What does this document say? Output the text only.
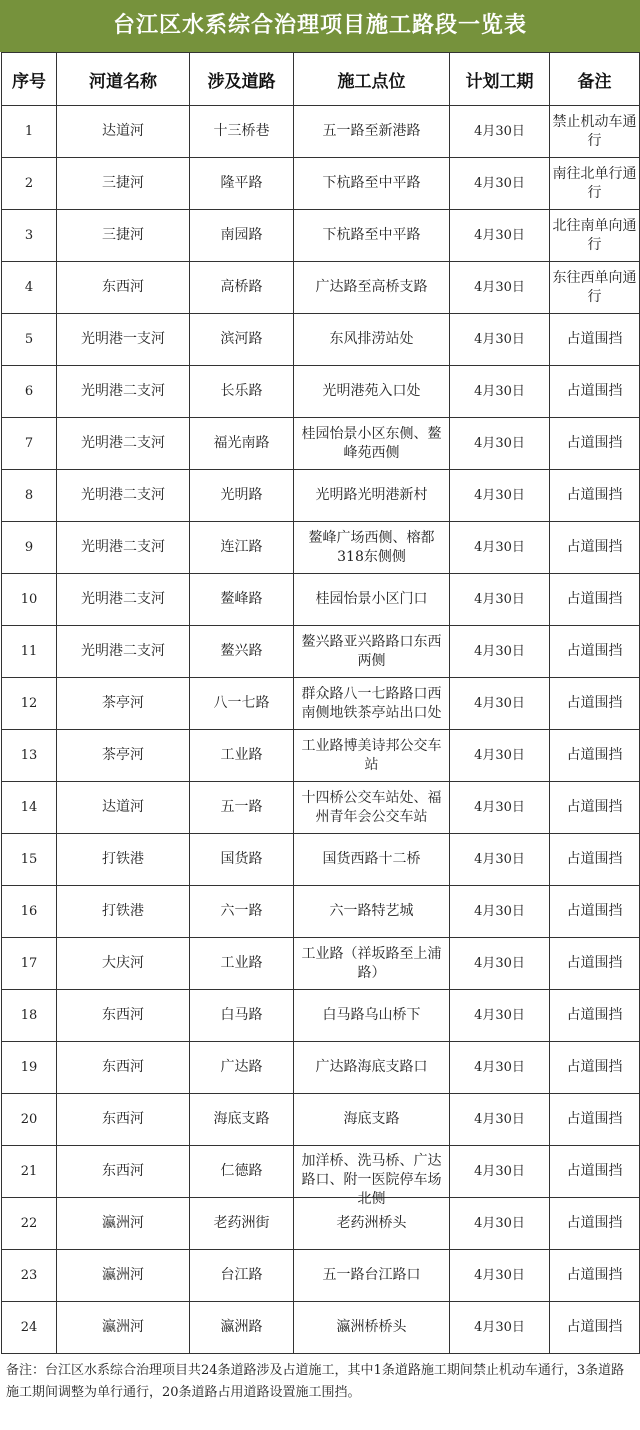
台江区水系综合治理项目施工路段一览表
序号	河道名称	涉及道路	施工点位	计划工期	备注

1	达道河	十三桥巷	五一路至新港路	4月30日	禁止机动车通行

2	三捷河	隆平路	下杭路至中平路	4月30日	南往北单行通行

3	三捷河	南园路	下杭路至中平路	4月30日	北往南单向通行

4	东西河	高桥路	广达路至高桥支路	4月30日	东往西单向通行

5	光明港一支河	滨河路	东风排涝站处	4月30日	占道围挡

6	光明港二支河	长乐路	光明港苑入口处	4月30日	占道围挡

7	光明港二支河	福光南路	桂园怡景小区东侧、鳌峰苑西侧	4月30日	占道围挡

8	光明港二支河	光明路	光明路光明港新村	4月30日	占道围挡

9	光明港二支河	连江路	鳌峰广场西侧、榕都318东侧侧	4月30日	占道围挡

10	光明港二支河	鳌峰路	桂园怡景小区门口	4月30日	占道围挡

11	光明港二支河	鳌兴路	鳌兴路亚兴路路口东西两侧	4月30日	占道围挡

12	茶亭河	八一七路	群众路八一七路路口西南侧地铁茶亭站出口处	4月30日	占道围挡

13	茶亭河	工业路	工业路博美诗邦公交车站	4月30日	占道围挡

14	达道河	五一路	十四桥公交车站处、福州青年会公交车站	4月30日	占道围挡

15	打铁港	国货路	国货西路十二桥	4月30日	占道围挡

16	打铁港	六一路	六一路特艺城	4月30日	占道围挡

17	大庆河	工业路	工业路（祥坂路至上浦路）	4月30日	占道围挡

18	东西河	白马路	白马路乌山桥下	4月30日	占道围挡

19	东西河	广达路	广达路海底支路口	4月30日	占道围挡

20	东西河	海底支路	海底支路	4月30日	占道围挡

21	东西河	仁德路	加洋桥、洗马桥、广达路口、附一医院停车场北侧	4月30日	占道围挡

22	瀛洲河	老药洲街	老药洲桥头	4月30日	占道围挡

23	瀛洲河	台江路	五一路台江路口	4月30日	占道围挡

24	瀛洲河	瀛洲路	瀛洲桥桥头	4月30日	占道围挡
备注：台江区水系综合治理项目共24条道路涉及占道施工，其中1条道路施工期间禁止机动车通行，3条道路施工期间调整为单行通行，20条道路占用道路设置施工围挡。
